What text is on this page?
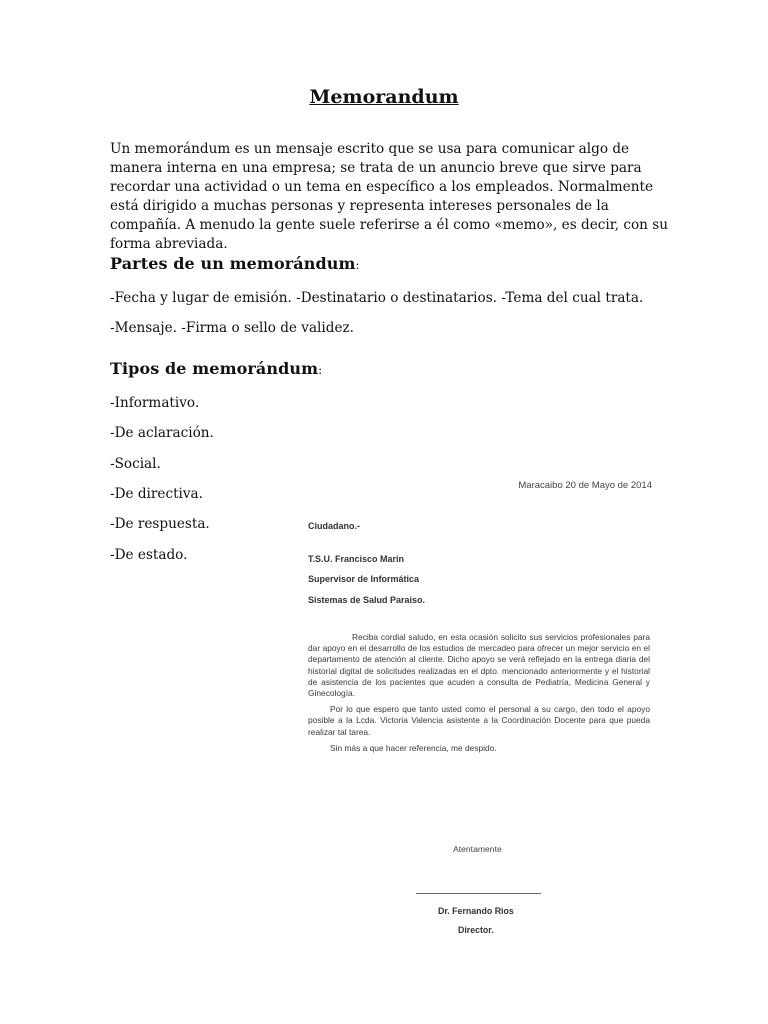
Memorandum

Un memorándum es un mensaje escrito que se usa para comunicar algo de manera interna en una empresa; se trata de un anuncio breve que sirve para recordar una actividad o un tema en específico a los empleados. Normalmente está dirigido a muchas personas y representa intereses personales de la compañía. A menudo la gente suele referirse a él como «memo», es decir, con su forma abreviada.

Partes de un memorándum:

-Fecha y lugar de emisión. -Destinatario o destinatarios. -Tema del cual trata.

-Mensaje. -Firma o sello de validez.

Tipos de memorándum:

-Informativo.

-De aclaración.

-Social.

-De directiva.

-De respuesta.

-De estado.

Maracaibo 20 de Mayo de 2014
Ciudadano.-
T.S.U. Francisco Marin
Supervisor de Informática
Sistemas de Salud Paraiso.

Reciba cordial saludo, en esta ocasión solicito sus servicios profesionales para dar apoyo en el desarrollo de los estudios de mercadeo para ofrecer un mejor servicio en el departamento de atención al cliente. Dicho apoyo se verá reflejado en la entrega diaria del historial digital de solicitudes realizadas en el dpto. mencionado anteriormente y el historial de asistencia de los pacientes que acuden a consulta de Pediatría, Medicina General y Ginecología.

Por lo que espero que tanto usted como el personal a su cargo, den todo el apoyo posible a la Lcda. Victoria Valencia asistente a la Coordinación Docente para que pueda realizar tal tarea.

Sin más a que hacer referencia, me despido.

Atentamente
Dr. Fernando Rios
Director.
